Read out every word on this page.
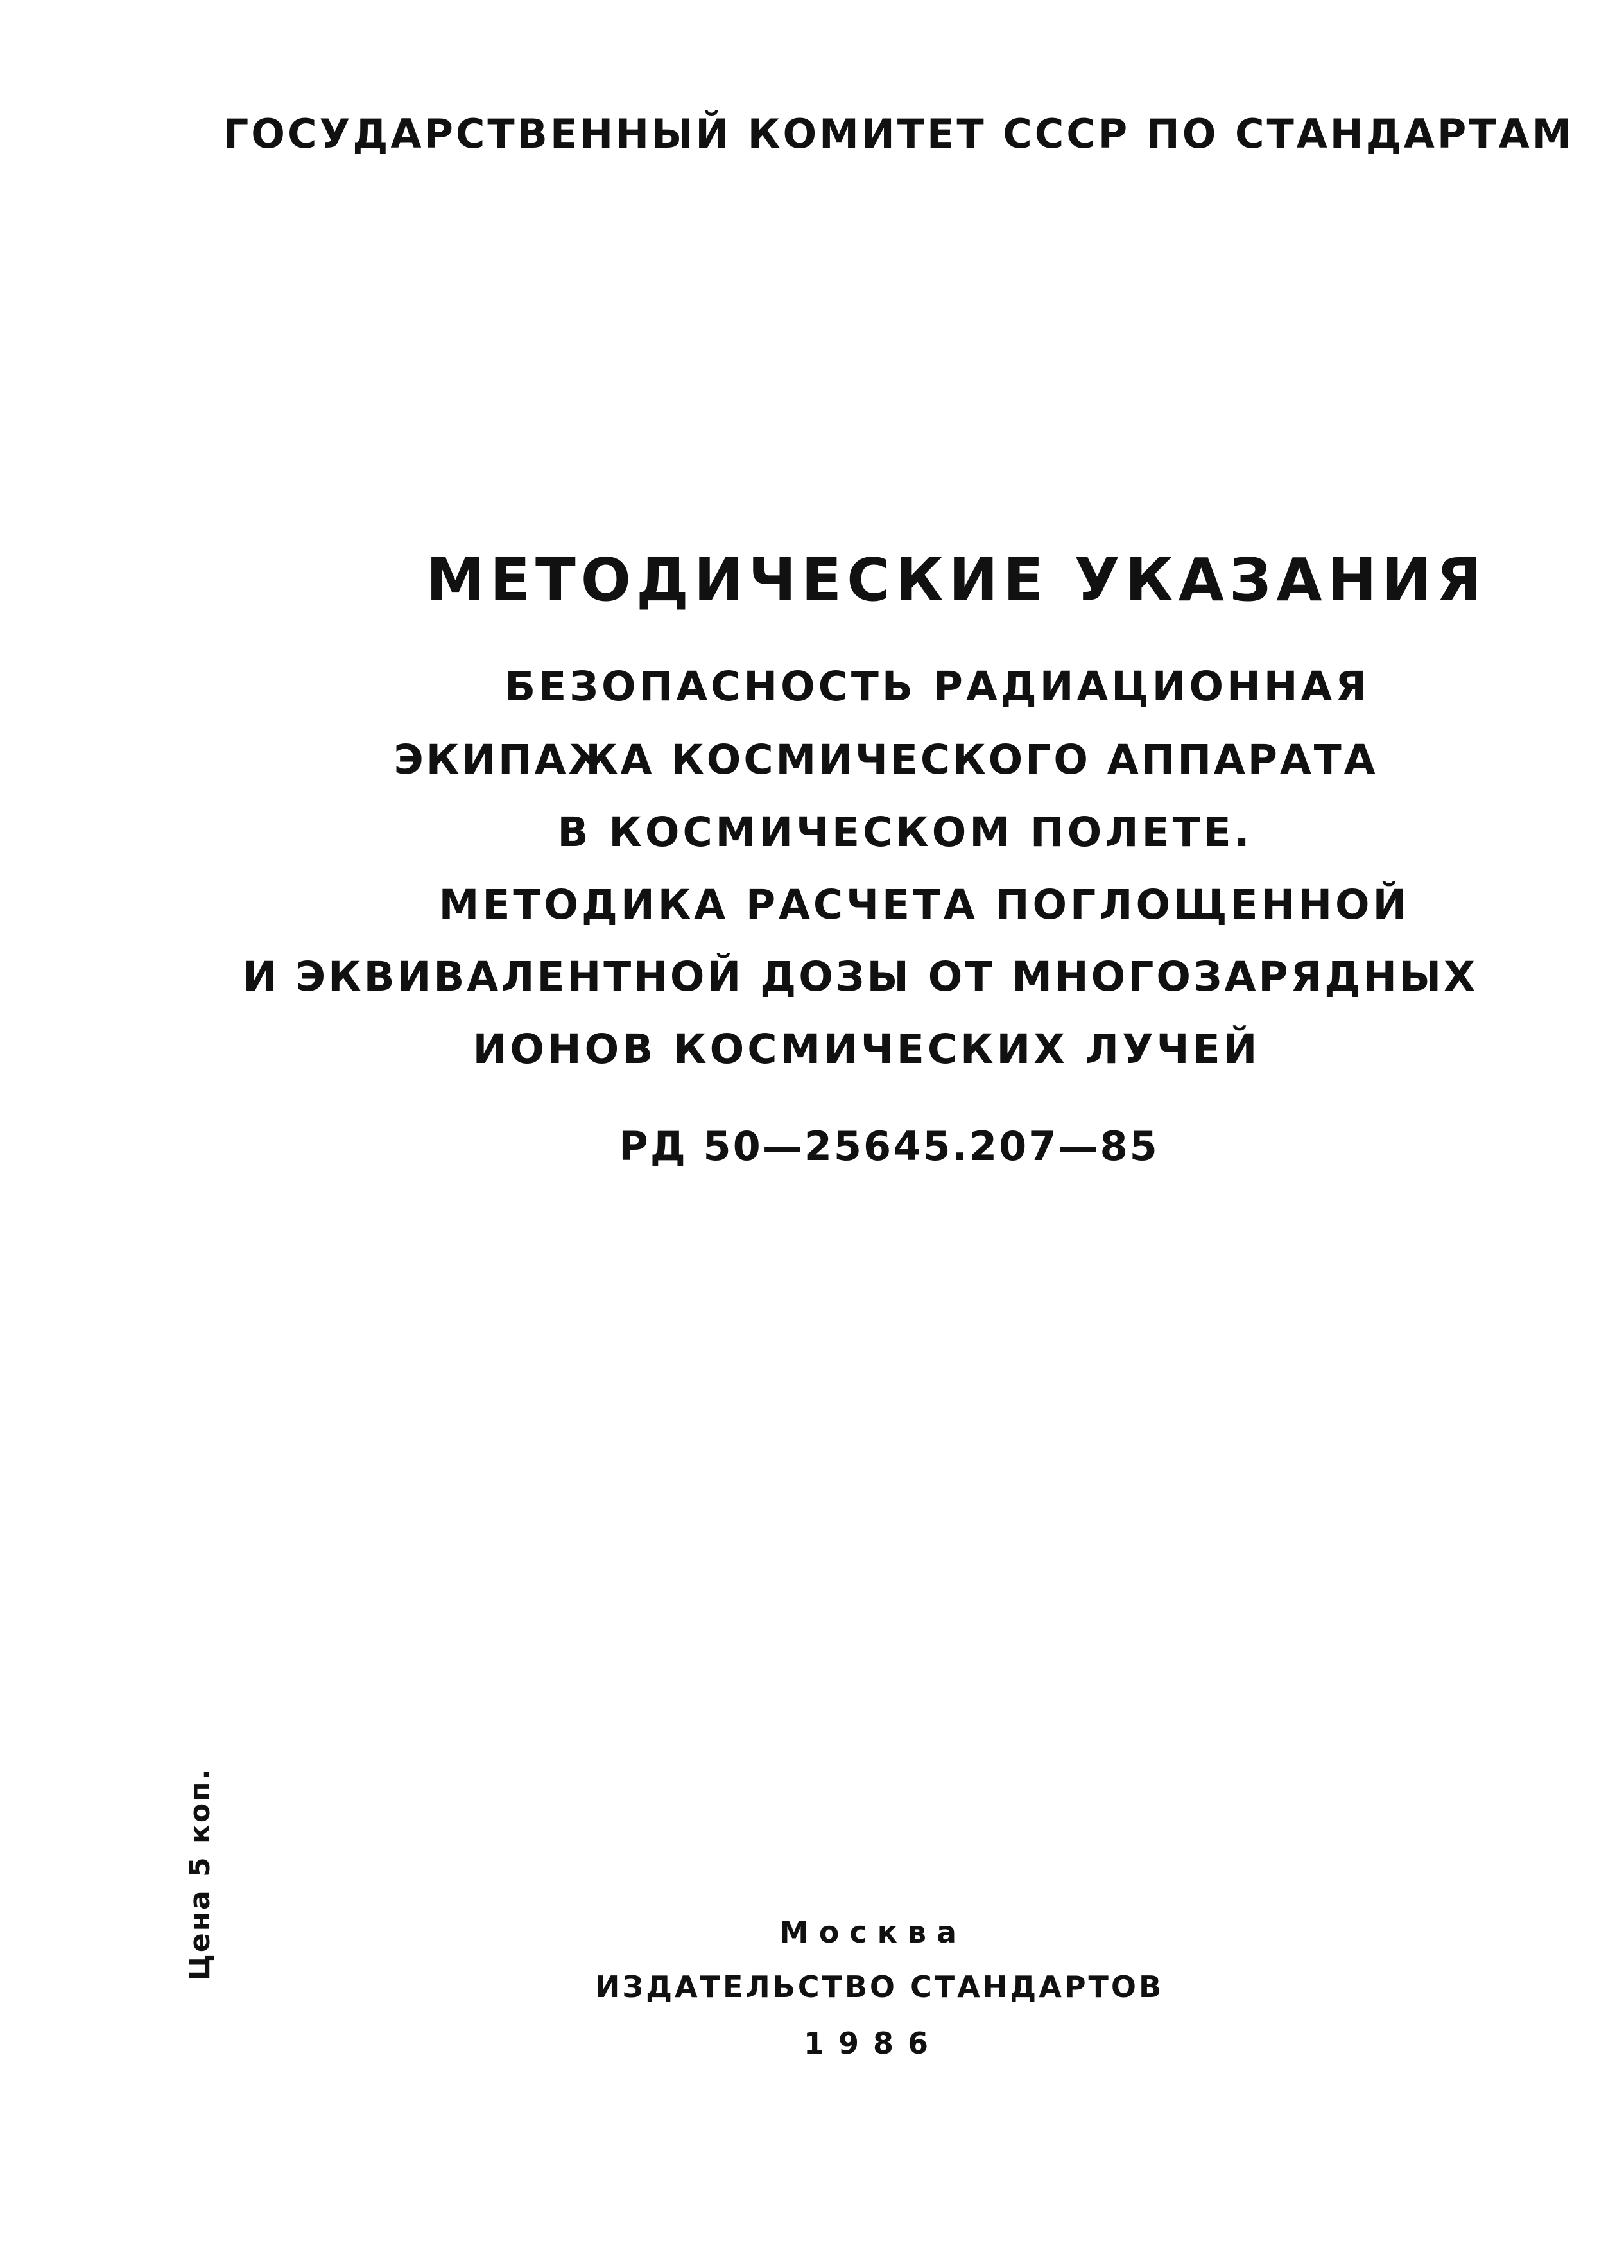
ГОСУДАРСТВЕННЫЙ КОМИТЕТ СССР ПО СТАНДАРТАМ
МЕТОДИЧЕСКИЕ УКАЗАНИЯ
БЕЗОПАСНОСТЬ РАДИАЦИОННАЯ
ЭКИПАЖА КОСМИЧЕСКОГО АППАРАТА
В КОСМИЧЕСКОМ ПОЛЕТЕ.
МЕТОДИКА РАСЧЕТА ПОГЛОЩЕННОЙ
И ЭКВИВАЛЕНТНОЙ ДОЗЫ ОТ МНОГОЗАРЯДНЫХ
ИОНОВ КОСМИЧЕСКИХ ЛУЧЕЙ
РД 50—25645.207—85
Цена 5 коп.	Москва
ИЗДАТЕЛЬСТВО СТАНДАРТОВ
1986
